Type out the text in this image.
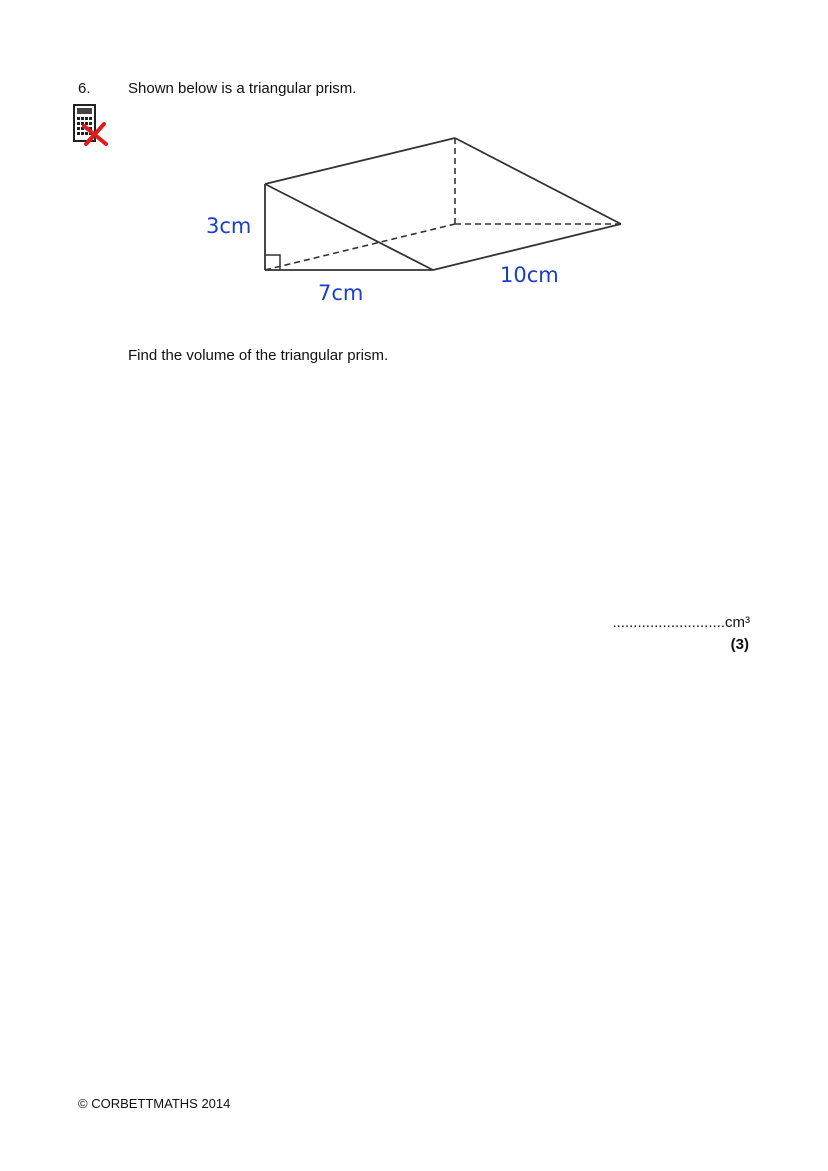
6. Shown below is a triangular prism.
3cm
7cm
10cm
Find the volume of the triangular prism.
...........................cm³
(3)
© CORBETTMATHS 2014
